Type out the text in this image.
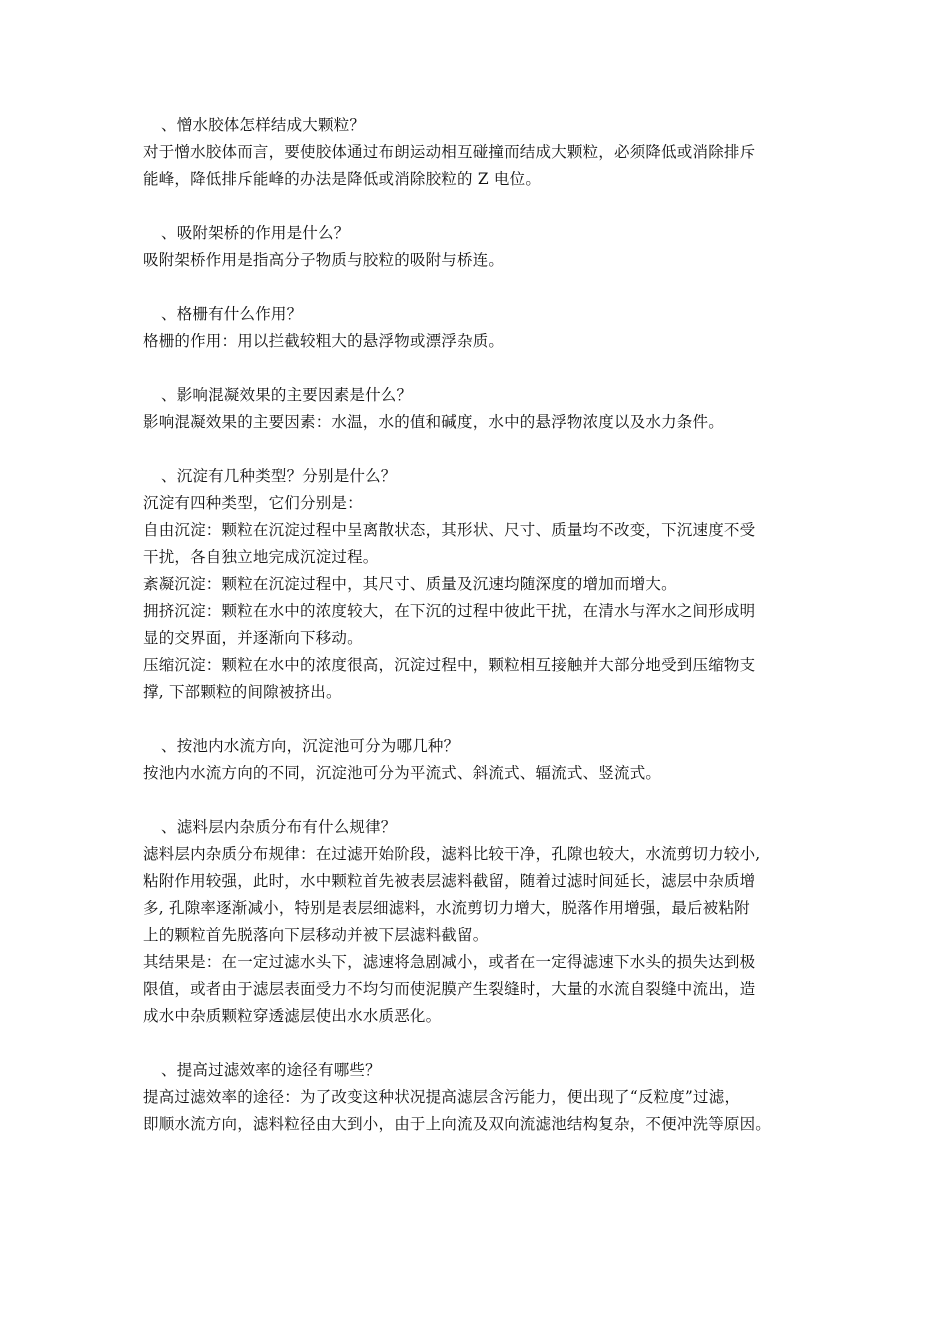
、憎水胶体怎样结成大颗粒？
对于憎水胶体而言，要使胶体通过布朗运动相互碰撞而结成大颗粒，必须降低或消除排斥
能峰，降低排斥能峰的办法是降低或消除胶粒的 Z 电位。
、吸附架桥的作用是什么？
吸附架桥作用是指高分子物质与胶粒的吸附与桥连。
、格栅有什么作用？
格栅的作用：用以拦截较粗大的悬浮物或漂浮杂质。
、影响混凝效果的主要因素是什么？
影响混凝效果的主要因素：水温，水的值和碱度，水中的悬浮物浓度以及水力条件。
、沉淀有几种类型？分别是什么？
沉淀有四种类型，它们分别是：
自由沉淀：颗粒在沉淀过程中呈离散状态，其形状、尺寸、质量均不改变，下沉速度不受
干扰，各自独立地完成沉淀过程。
紊凝沉淀：颗粒在沉淀过程中，其尺寸、质量及沉速均随深度的增加而增大。
拥挤沉淀：颗粒在水中的浓度较大，在下沉的过程中彼此干扰，在清水与浑水之间形成明
显的交界面，并逐渐向下移动。
压缩沉淀：颗粒在水中的浓度很高，沉淀过程中，颗粒相互接触并大部分地受到压缩物支
撑, 下部颗粒的间隙被挤出。
、按池内水流方向，沉淀池可分为哪几种？
按池内水流方向的不同，沉淀池可分为平流式、斜流式、辐流式、竖流式。
、滤料层内杂质分布有什么规律？
滤料层内杂质分布规律：在过滤开始阶段，滤料比较干净，孔隙也较大，水流剪切力较小,
粘附作用较强，此时，水中颗粒首先被表层滤料截留，随着过滤时间延长，滤层中杂质增
多, 孔隙率逐渐减小，特别是表层细滤料，水流剪切力增大，脱落作用增强，最后被粘附
上的颗粒首先脱落向下层移动并被下层滤料截留。
其结果是：在一定过滤水头下，滤速将急剧减小，或者在一定得滤速下水头的损失达到极
限值，或者由于滤层表面受力不均匀而使泥膜产生裂缝时，大量的水流自裂缝中流出，造
成水中杂质颗粒穿透滤层使出水水质恶化。
、提高过滤效率的途径有哪些？
提高过滤效率的途径：为了改变这种状况提高滤层含污能力，便出现了“反粒度”过滤，
即顺水流方向，滤料粒径由大到小，由于上向流及双向流滤池结构复杂，不便冲洗等原因。
